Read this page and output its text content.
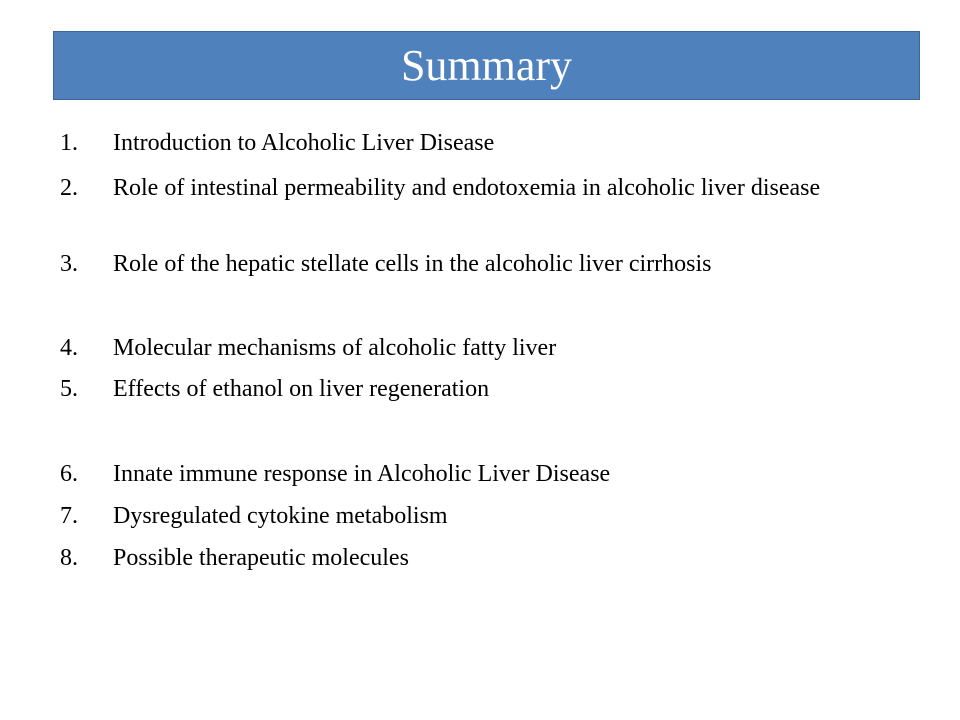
Summary
1.	Introduction to Alcoholic Liver Disease
2.	Role of intestinal permeability and endotoxemia in alcoholic liver disease
3.	Role of the hepatic stellate cells in the alcoholic liver cirrhosis
4.	Molecular mechanisms of alcoholic fatty liver
5.	Effects of ethanol on liver regeneration
6.	Innate immune response in Alcoholic Liver Disease
7.	Dysregulated cytokine metabolism
8.	Possible therapeutic molecules
